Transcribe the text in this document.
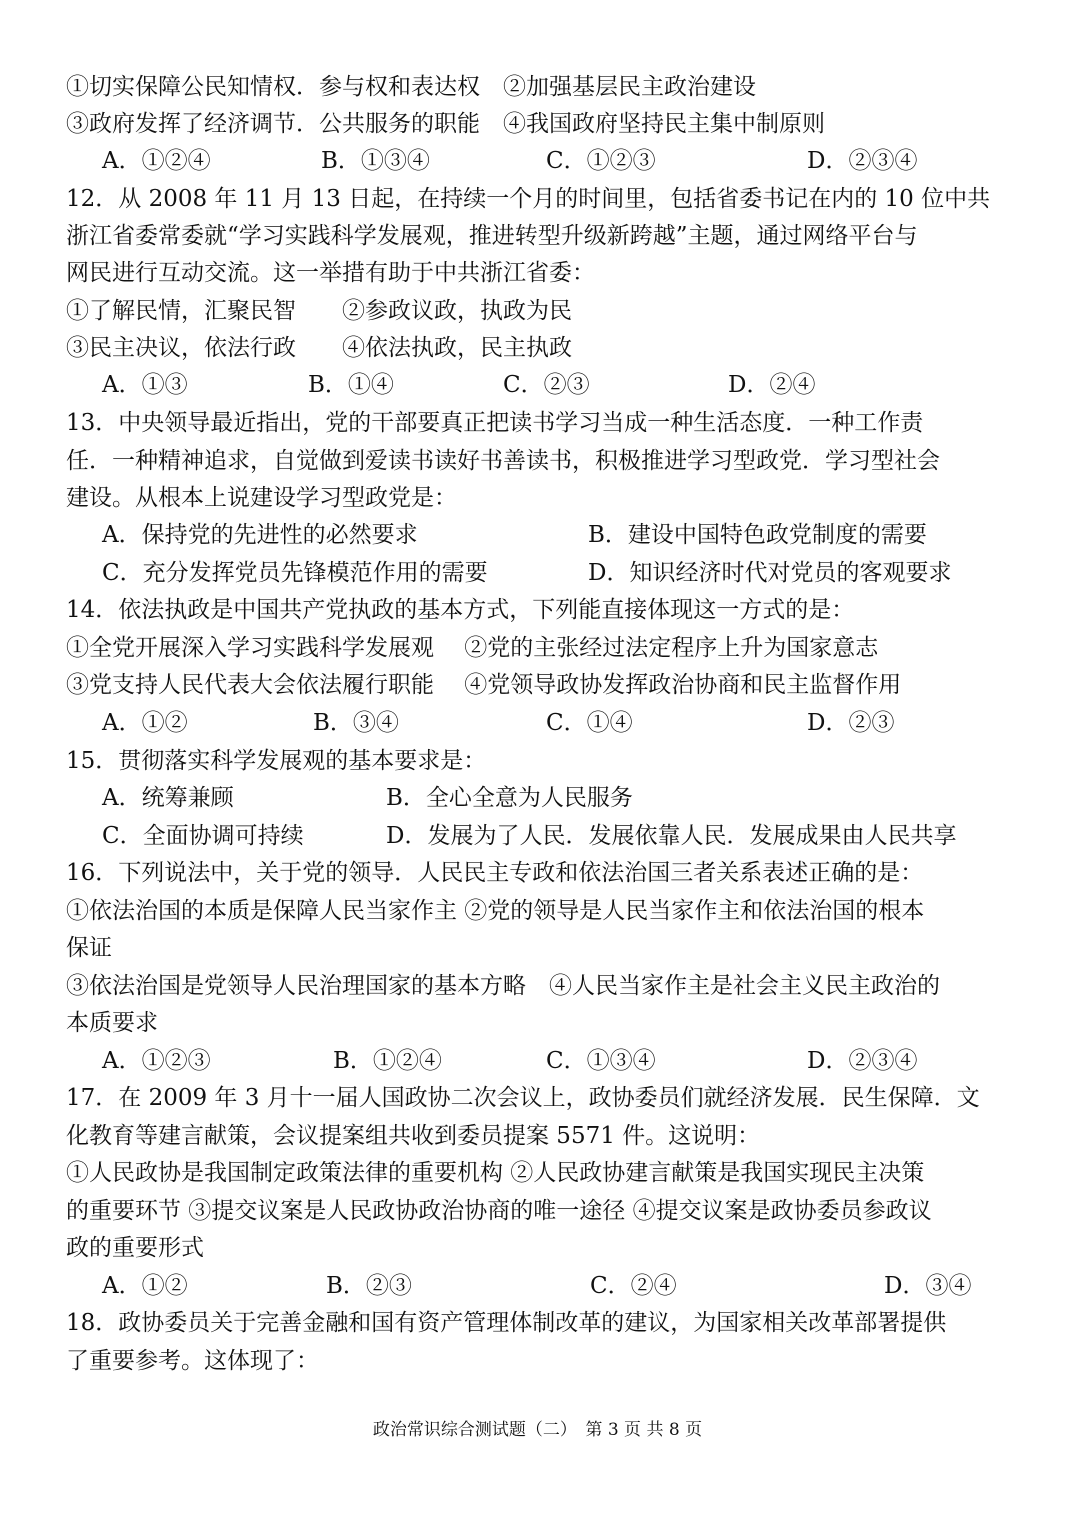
①切实保障公民知情权．参与权和表达权　②加强基层民主政治建设
③政府发挥了经济调节．公共服务的职能　④我国政府坚持民主集中制原则
A．①②④	B．①③④	C．①②③	D．②③④
12．从 2008 年 11 月 13 日起，在持续一个月的时间里，包括省委书记在内的 10 位中共
浙江省委常委就“学习实践科学发展观，推进转型升级新跨越”主题，通过网络平台与
网民进行互动交流。这一举措有助于中共浙江省委：
①了解民情，汇聚民智　　②参政议政，执政为民
③民主决议，依法行政　　④依法执政，民主执政
A．①③	B．①④	C．②③	D．②④
13．中央领导最近指出，党的干部要真正把读书学习当成一种生活态度．一种工作责
任．一种精神追求，自觉做到爱读书读好书善读书，积极推进学习型政党．学习型社会
建设。从根本上说建设学习型政党是：
A．保持党的先进性的必然要求	B．建设中国特色政党制度的需要
C．充分发挥党员先锋模范作用的需要	D．知识经济时代对党员的客观要求
14．依法执政是中国共产党执政的基本方式，下列能直接体现这一方式的是：
①全党开展深入学习实践科学发展观　 ②党的主张经过法定程序上升为国家意志
③党支持人民代表大会依法履行职能　 ④党领导政协发挥政治协商和民主监督作用
A．①②	B．③④	C．①④	D．②③
15．贯彻落实科学发展观的基本要求是：
A．统筹兼顾	B．全心全意为人民服务
C．全面协调可持续	D．发展为了人民．发展依靠人民．发展成果由人民共享
16．下列说法中，关于党的领导．人民民主专政和依法治国三者关系表述正确的是：
①依法治国的本质是保障人民当家作主 ②党的领导是人民当家作主和依法治国的根本
保证
③依法治国是党领导人民治理国家的基本方略　④人民当家作主是社会主义民主政治的
本质要求
A．①②③	B．①②④	C．①③④	D．②③④
17．在 2009 年 3 月十一届人国政协二次会议上，政协委员们就经济发展．民生保障．文
化教育等建言献策，会议提案组共收到委员提案 5571 件。这说明：
①人民政协是我国制定政策法律的重要机构 ②人民政协建言献策是我国实现民主决策
的重要环节 ③提交议案是人民政协政治协商的唯一途径 ④提交议案是政协委员参政议
政的重要形式
A．①②	B．②③	C．②④	D．③④
18．政协委员关于完善金融和国有资产管理体制改革的建议，为国家相关改革部署提供
了重要参考。这体现了：
政治常识综合测试题（二）　第 3 页 共 8 页
